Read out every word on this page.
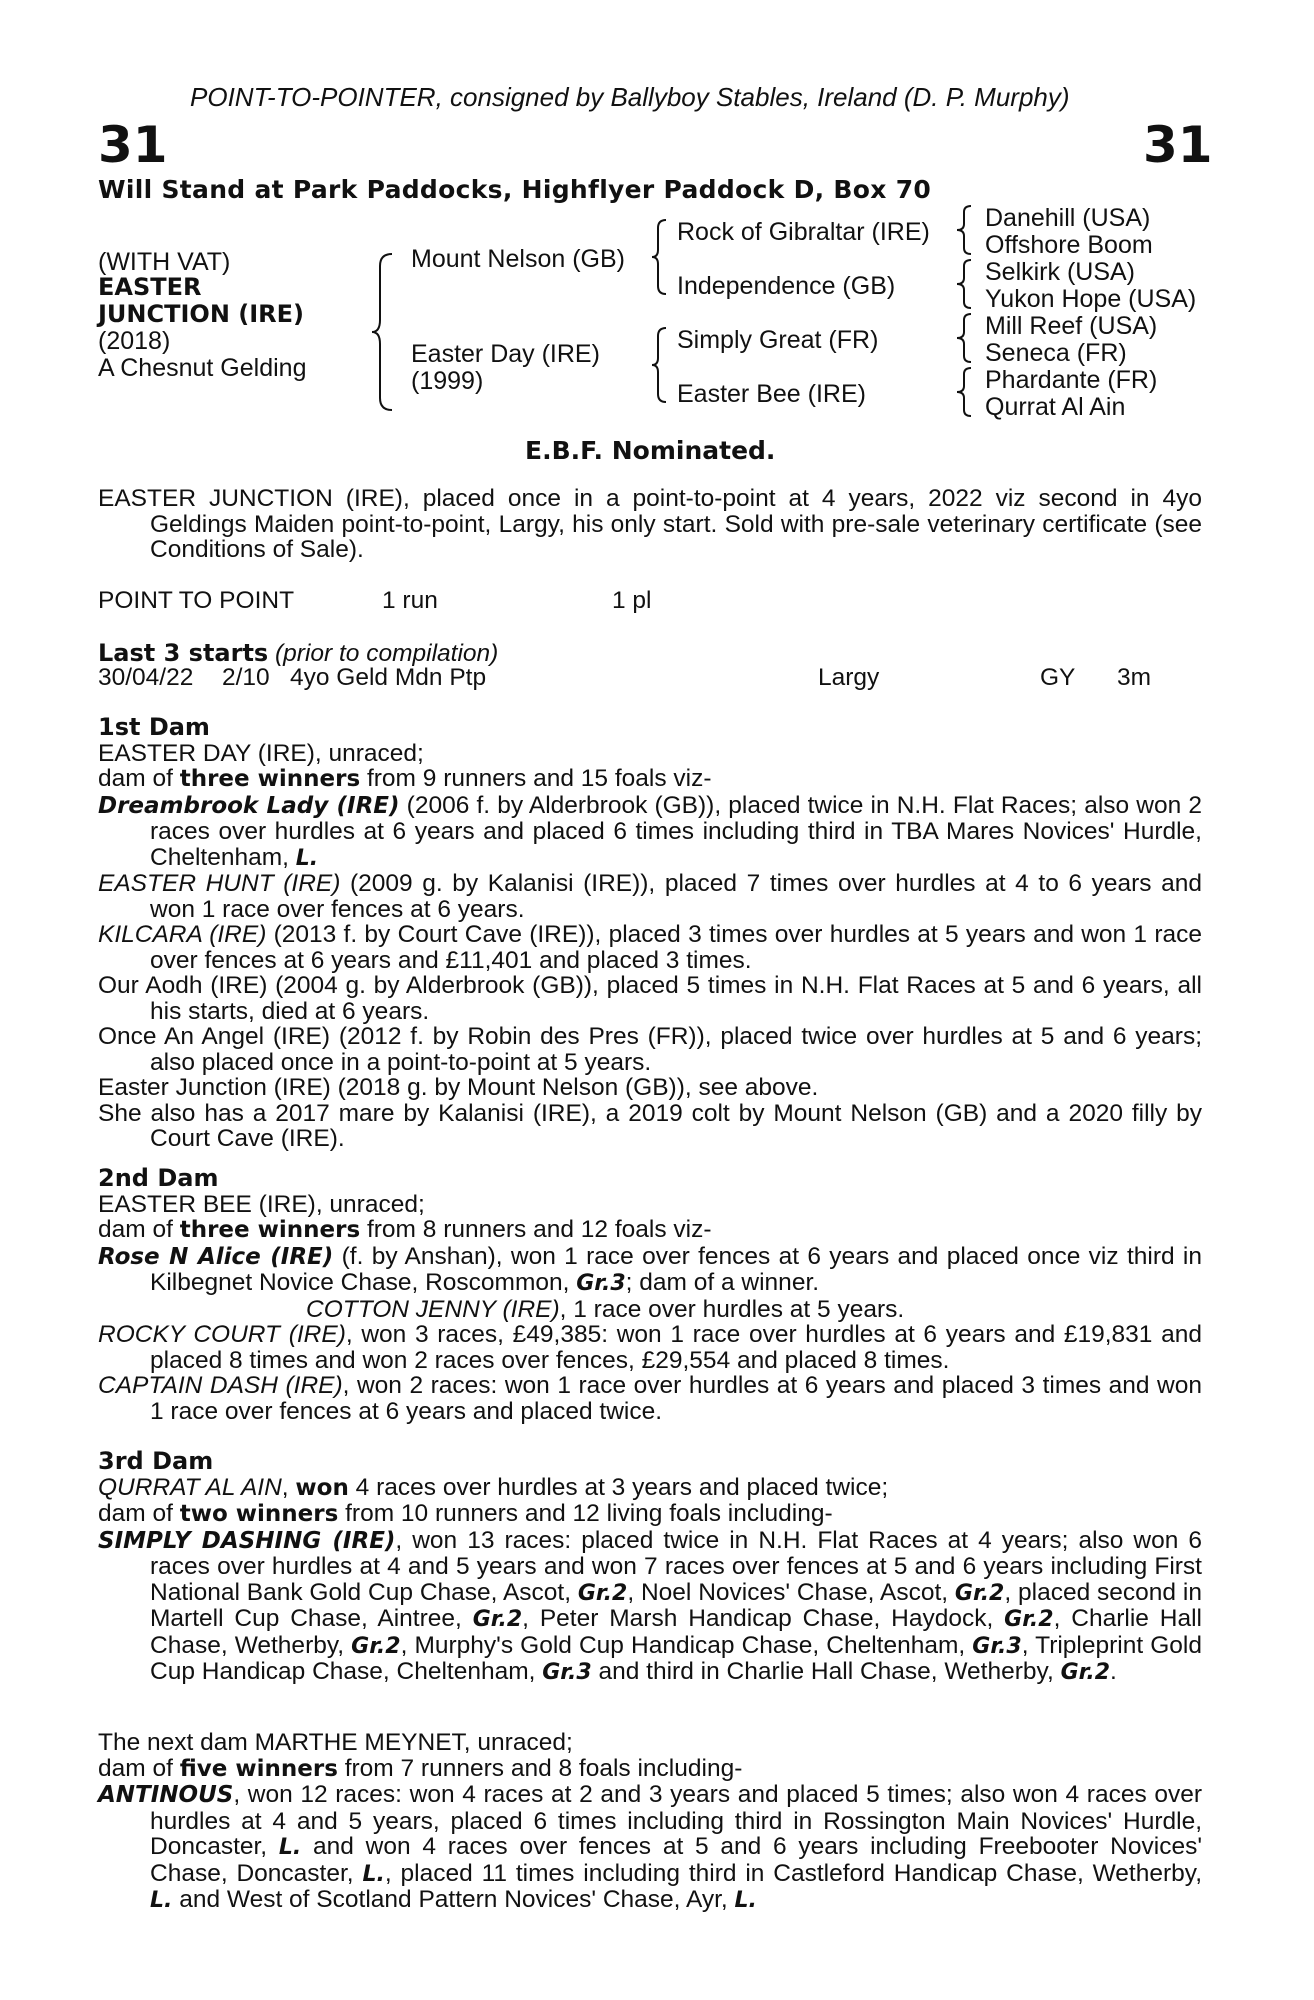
POINT-TO-POINTER, consigned by Ballyboy Stables, Ireland (D. P. Murphy)
31	31
Will Stand at Park Paddocks, Highflyer Paddock D, Box 70
(WITH VAT)
EASTER
JUNCTION (IRE)
(2018)
A Chesnut Gelding
Mount Nelson (GB)
Easter Day (IRE)
(1999)
Rock of Gibraltar (IRE)
Independence (GB)
Simply Great (FR)
Easter Bee (IRE)
Danehill (USA)
Offshore Boom
Selkirk (USA)
Yukon Hope (USA)
Mill Reef (USA)
Seneca (FR)
Phardante (FR)
Qurrat Al Ain
E.B.F. Nominated.

EASTER JUNCTION (IRE), placed once in a point-to-point at 4 years, 2022 viz second in 4yo Geldings Maiden point-to-point, Largy, his only start. Sold with pre-sale veterinary certificate (see Conditions of Sale).

POINT TO POINT	1 run	1 pl
Last 3 starts (prior to compilation)
30/04/22 2/10 4yo Geld Mdn Ptp	Largy	GY 3m

1st Dam

EASTER DAY (IRE), unraced;

dam of three winners from 9 runners and 15 foals viz-

Dreambrook Lady (IRE) (2006 f. by Alderbrook (GB)), placed twice in N.H. Flat Races; also won 2 races over hurdles at 6 years and placed 6 times including third in TBA Mares Novices' Hurdle, Cheltenham, L.

EASTER HUNT (IRE) (2009 g. by Kalanisi (IRE)), placed 7 times over hurdles at 4 to 6 years and won 1 race over fences at 6 years.

KILCARA (IRE) (2013 f. by Court Cave (IRE)), placed 3 times over hurdles at 5 years and won 1 race over fences at 6 years and £11,401 and placed 3 times.

Our Aodh (IRE) (2004 g. by Alderbrook (GB)), placed 5 times in N.H. Flat Races at 5 and 6 years, all his starts, died at 6 years.

Once An Angel (IRE) (2012 f. by Robin des Pres (FR)), placed twice over hurdles at 5 and 6 years; also placed once in a point-to-point at 5 years.

Easter Junction (IRE) (2018 g. by Mount Nelson (GB)), see above.

She also has a 2017 mare by Kalanisi (IRE), a 2019 colt by Mount Nelson (GB) and a 2020 filly by Court Cave (IRE).

2nd Dam

EASTER BEE (IRE), unraced;

dam of three winners from 8 runners and 12 foals viz-

Rose N Alice (IRE) (f. by Anshan), won 1 race over fences at 6 years and placed once viz third in Kilbegnet Novice Chase, Roscommon, Gr.3; dam of a winner.

COTTON JENNY (IRE), 1 race over hurdles at 5 years.

ROCKY COURT (IRE), won 3 races, £49,385: won 1 race over hurdles at 6 years and £19,831 and placed 8 times and won 2 races over fences, £29,554 and placed 8 times.

CAPTAIN DASH (IRE), won 2 races: won 1 race over hurdles at 6 years and placed 3 times and won 1 race over fences at 6 years and placed twice.

3rd Dam

QURRAT AL AIN, won 4 races over hurdles at 3 years and placed twice;

dam of two winners from 10 runners and 12 living foals including-

SIMPLY DASHING (IRE), won 13 races: placed twice in N.H. Flat Races at 4 years; also won 6 races over hurdles at 4 and 5 years and won 7 races over fences at 5 and 6 years including First National Bank Gold Cup Chase, Ascot, Gr.2, Noel Novices' Chase, Ascot, Gr.2, placed second in Martell Cup Chase, Aintree, Gr.2, Peter Marsh Handicap Chase, Haydock, Gr.2, Charlie Hall Chase, Wetherby, Gr.2, Murphy's Gold Cup Handicap Chase, Cheltenham, Gr.3, Tripleprint Gold Cup Handicap Chase, Cheltenham, Gr.3 and third in Charlie Hall Chase, Wetherby, Gr.2.

The next dam MARTHE MEYNET, unraced;

dam of five winners from 7 runners and 8 foals including-

ANTINOUS, won 12 races: won 4 races at 2 and 3 years and placed 5 times; also won 4 races over hurdles at 4 and 5 years, placed 6 times including third in Rossington Main Novices' Hurdle, Doncaster, L. and won 4 races over fences at 5 and 6 years including Freebooter Novices' Chase, Doncaster, L., placed 11 times including third in Castleford Handicap Chase, Wetherby, L. and West of Scotland Pattern Novices' Chase, Ayr, L.
